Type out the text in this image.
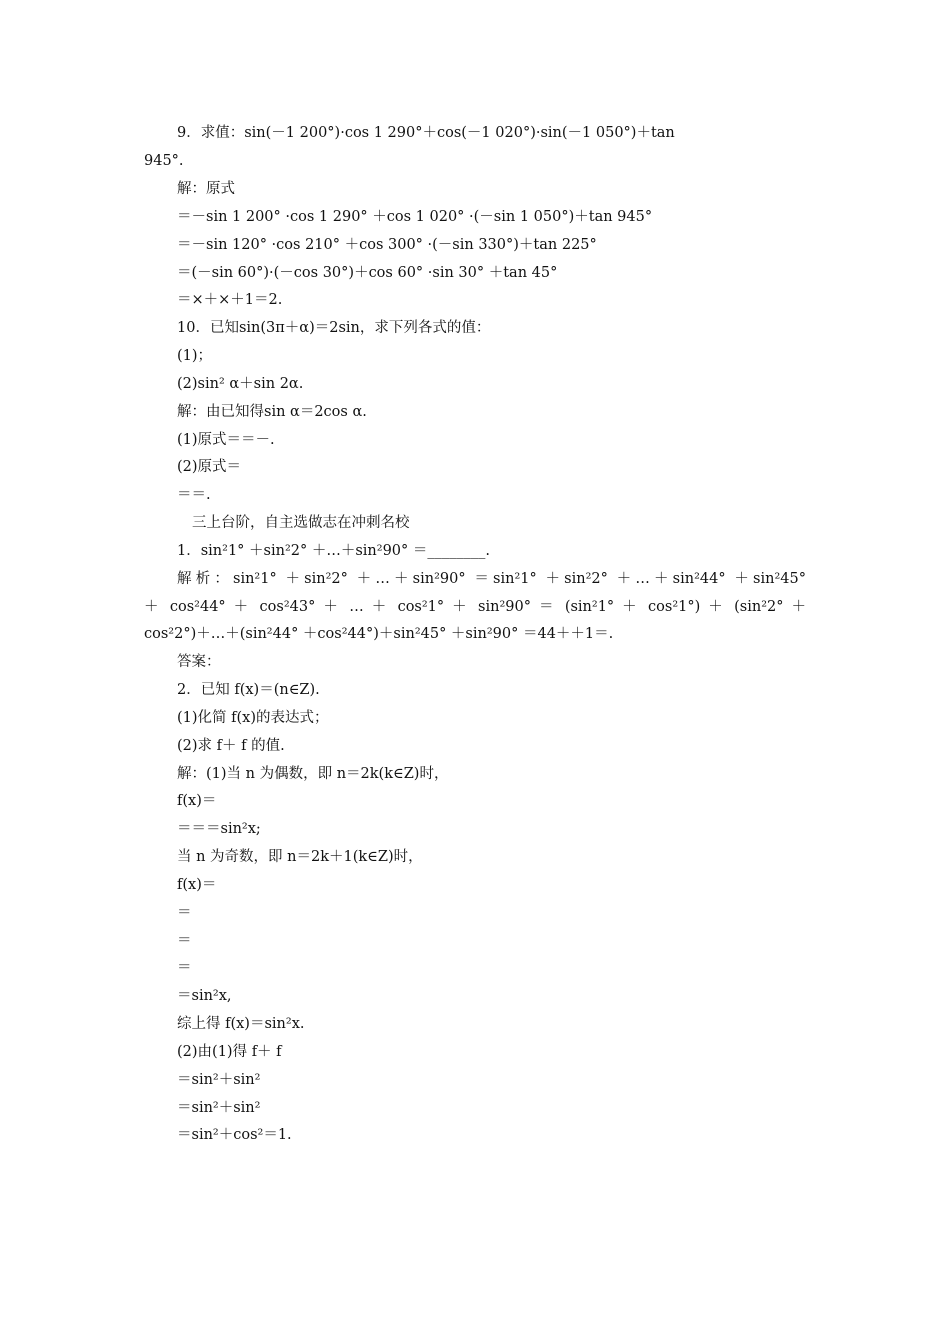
9．求值：sin(－1 200°)·cos 1 290°＋cos(－1 020°)·sin(－1 050°)＋tan
945°.
解：原式
＝－sin 1 200° ·cos 1 290° ＋cos 1 020° ·(－sin 1 050°)＋tan 945°
＝－sin 120° ·cos 210° ＋cos 300° ·(－sin 330°)＋tan 225°
＝(－sin 60°)·(－cos 30°)＋cos 60° ·sin 30° ＋tan 45°
＝×＋×＋1＝2.
10．已知sin(3π＋α)＝2sin，求下列各式的值：
(1)；
(2)sin² α＋sin 2α.
解：由已知得sin α＝2cos α.
(1)原式＝＝－.
(2)原式＝
＝＝.
三上台阶，自主选做志在冲刺名校
1．sin²1° ＋sin²2° ＋…＋sin²90° ＝________.
解析：sin²1° ＋sin²2° ＋…＋sin²90° ＝sin²1° ＋sin²2° ＋…＋sin²44° ＋sin²45°
＋ cos²44° ＋ cos²43° ＋ … ＋ cos²1° ＋ sin²90° ＝ (sin²1° ＋ cos²1°) ＋ (sin²2° ＋
cos²2°)＋…＋(sin²44° ＋cos²44°)＋sin²45° ＋sin²90° ＝44＋＋1＝.
答案：
2．已知 f(x)＝(n∈Z).
(1)化简 f(x)的表达式；
(2)求 f＋ f 的值.
解：(1)当 n 为偶数，即 n＝2k(k∈Z)时，
f(x)＝
＝＝＝sin²x;
当 n 为奇数，即 n＝2k＋1(k∈Z)时，
f(x)＝
＝
＝
＝
＝sin²x,
综上得 f(x)＝sin²x.
(2)由(1)得 f＋ f
＝sin²＋sin²
＝sin²＋sin²
＝sin²＋cos²＝1.
